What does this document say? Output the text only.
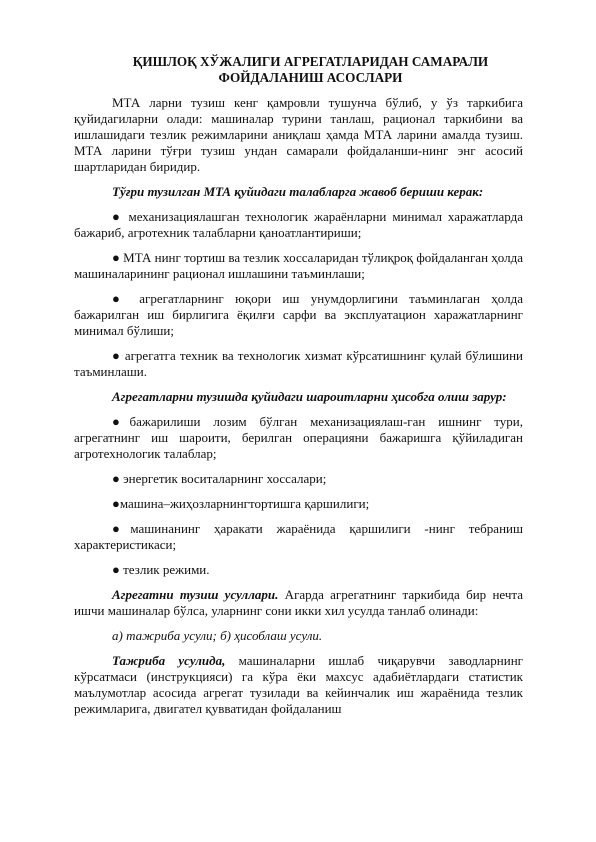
ҚИШЛОҚ ХЎЖАЛИГИ АГРЕГАТЛАРИДАН САМАРАЛИ
ФОЙДАЛАНИШ АСОСЛАРИ

МТА ларни тузиш кенг қамровли тушунча бўлиб, у ўз таркибига қуйидагиларни олади: машиналар турини танлаш, рационал таркибини ва ишлашидаги тезлик режимларини аниқлаш ҳамда МТА ларини амалда тузиш. МТА ларини тўғри тузиш ундан самарали фойдаланши-нинг энг асосий шартларидан биридир.

Тўғри тузилган МТА қуйидаги талабларга жавоб бериши керак:

● механизациялашган технологик жараёнларни минимал харажатларда бажариб, агротехник талабларни қаноатлантириши;

● МТА нинг тортиш ва тезлик хоссаларидан тўлиқроқ фойдаланган ҳолда машиналарининг рационал ишлашини таъминлаши;

● агрегатларнинг юқори иш унумдорлигини таъминлаган ҳолда бажарилган иш бирлигига ёқилғи сарфи ва эксплуатацион харажатларнинг минимал бўлиши;

● агрегатга техник ва технологик хизмат кўрсатишнинг қулай бўлишини таъминлаши.

Агрегатларни тузишда қуйидаги шароитларни ҳисобга олиш зарур:

●бажарилиши лозим бўлган механизациялаш-ган ишнинг тури, агрегатнинг иш шароити, берилган операцияни бажаришга қўйиладиган агротехнологик талаблар;

● энергетик воситаларнинг хоссалари;

●машина–жиҳозларнингтортишга қаршилиги;

●машинанинг ҳаракати жараёнида қаршилиги -нинг тебраниш характеристикаси;

● тезлик режими.

Агрегатни тузиш усуллари. Агарда агрегатнинг таркибида бир нечта ишчи машиналар бўлса, уларнинг сони икки хил усулда танлаб олинади:

а) тажриба усули; б) ҳисоблаш усули.

Тажриба усулида, машиналарни ишлаб чиқарувчи заводларнинг кўрсатмаси (инструкцияси) га кўра ёки махсус адабиётлардаги статистик маълумотлар асосида агрегат тузилади ва кейинчалик иш жараёнида тезлик режимларига, двигател қувватидан фойдаланиш
